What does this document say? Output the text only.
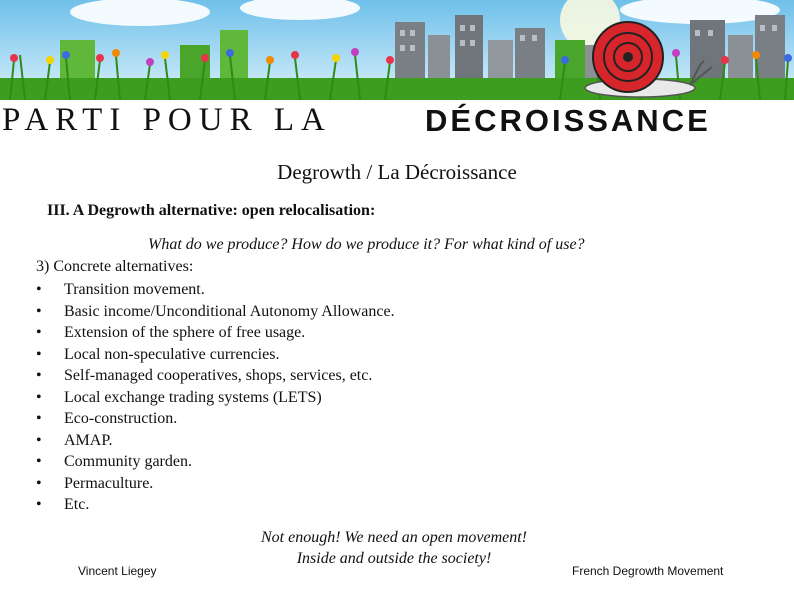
PARTI POUR LA	DÉCROISSANCE
Degrowth / La Décroissance
III. A Degrowth alternative: open relocalisation:
What do we produce? How do we produce it? For what kind of use?
3) Concrete alternatives:
• Transition movement.
• Basic income/Unconditional Autonomy Allowance.
• Extension of the sphere of free usage.
• Local non-speculative currencies.
• Self-managed cooperatives, shops, services, etc.
• Local exchange trading systems (LETS)
• Eco-construction.
• AMAP.
• Community garden.
• Permaculture.
• Etc.
Not enough! We need an open movement!
Inside and outside the society!
Vincent Liegey	French Degrowth Movement
